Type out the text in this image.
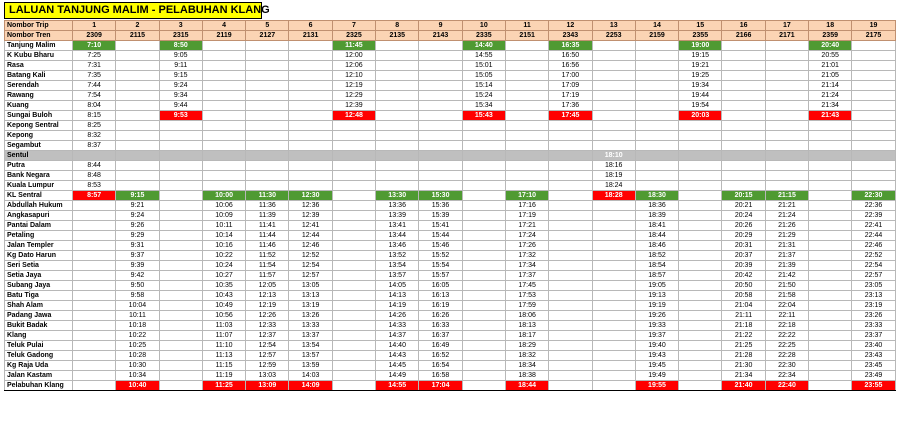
LALUAN TANJUNG MALIM - PELABUHAN KLANG
Nombor Trip	1	2	3	4	5	6	7	8	9	10	11	12	13	14	15	16	17	18	19
Nombor Tren	2309	2115	2315	2119	2127	2131	2325	2135	2143	2335	2151	2343	2253	2159	2355	2166	2171	2359	2175
Tanjung Malim	7:10		8:50				11:45			14:40		16:35			19:00			20:40	
K Kubu Bharu	7:25		9:05				12:00			14:55		16:50			19:15			20:55	
Rasa	7:31		9:11				12:06			15:01		16:56			19:21			21:01	
Batang Kali	7:35		9:15				12:10			15:05		17:00			19:25			21:05	
Serendah	7:44		9:24				12:19			15:14		17:09			19:34			21:14	
Rawang	7:54		9:34				12:29			15:24		17:19			19:44			21:24	
Kuang	8:04		9:44				12:39			15:34		17:36			19:54			21:34	
Sungai Buloh	8:15		9:53				12:48			15:43		17:45			20:03			21:43	
Kepong Sentral	8:25																		
Kepong	8:32																		
Segambut	8:37																		
Sentul													18:10						
Putra	8:44												18:16						
Bank Negara	8:48												18:19						
Kuala Lumpur	8:53												18:24						
KL Sentral	8:57	9:15		10:00	11:30	12:30		13:30	15:30		17:10		18:28	18:30		20:15	21:15		22:30
Abdullah Hukum		9:21		10:06	11:36	12:36		13:36	15:36		17:16			18:36		20:21	21:21		22:36
Angkasapuri		9:24		10:09	11:39	12:39		13:39	15:39		17:19			18:39		20:24	21:24		22:39
Pantai Dalam		9:26		10:11	11:41	12:41		13:41	15:41		17:21			18:41		20:26	21:26		22:41
Petaling		9:29		10:14	11:44	12:44		13:44	15:44		17:24			18:44		20:29	21:29		22:44
Jalan Templer		9:31		10:16	11:46	12:46		13:46	15:46		17:26			18:46		20:31	21:31		22:46
Kg Dato Harun		9:37		10:22	11:52	12:52		13:52	15:52		17:32			18:52		20:37	21:37		22:52
Seri Setia		9:39		10:24	11:54	12:54		13:54	15:54		17:34			18:54		20:39	21:39		22:54
Setia Jaya		9:42		10:27	11:57	12:57		13:57	15:57		17:37			18:57		20:42	21:42		22:57
Subang Jaya		9:50		10:35	12:05	13:05		14:05	16:05		17:45			19:05		20:50	21:50		23:05
Batu Tiga		9:58		10:43	12:13	13:13		14:13	16:13		17:53			19:13		20:58	21:58		23:13
Shah Alam		10:04		10:49	12:19	13:19		14:19	16:19		17:59			19:19		21:04	22:04		23:19
Padang Jawa		10:11		10:56	12:26	13:26		14:26	16:26		18:06			19:26		21:11	22:11		23:26
Bukit Badak		10:18		11:03	12:33	13:33		14:33	16:33		18:13			19:33		21:18	22:18		23:33
Klang		10:22		11:07	12:37	13:37		14:37	16:37		18:17			19:37		21:22	22:22		23:37
Teluk Pulai		10:25		11:10	12:54	13:54		14:40	16:49		18:29			19:40		21:25	22:25		23:40
Teluk Gadong		10:28		11:13	12:57	13:57		14:43	16:52		18:32			19:43		21:28	22:28		23:43
Kg Raja Uda		10:30		11:15	12:59	13:59		14:45	16:54		18:34			19:45		21:30	22:30		23:45
Jalan Kastam		10:34		11:19	13:03	14:03		14:49	16:58		18:38			19:49		21:34	22:34		23:49
Pelabuhan Klang		10:40		11:25	13:09	14:09		14:55	17:04		18:44			19:55		21:40	22:40		23:55
